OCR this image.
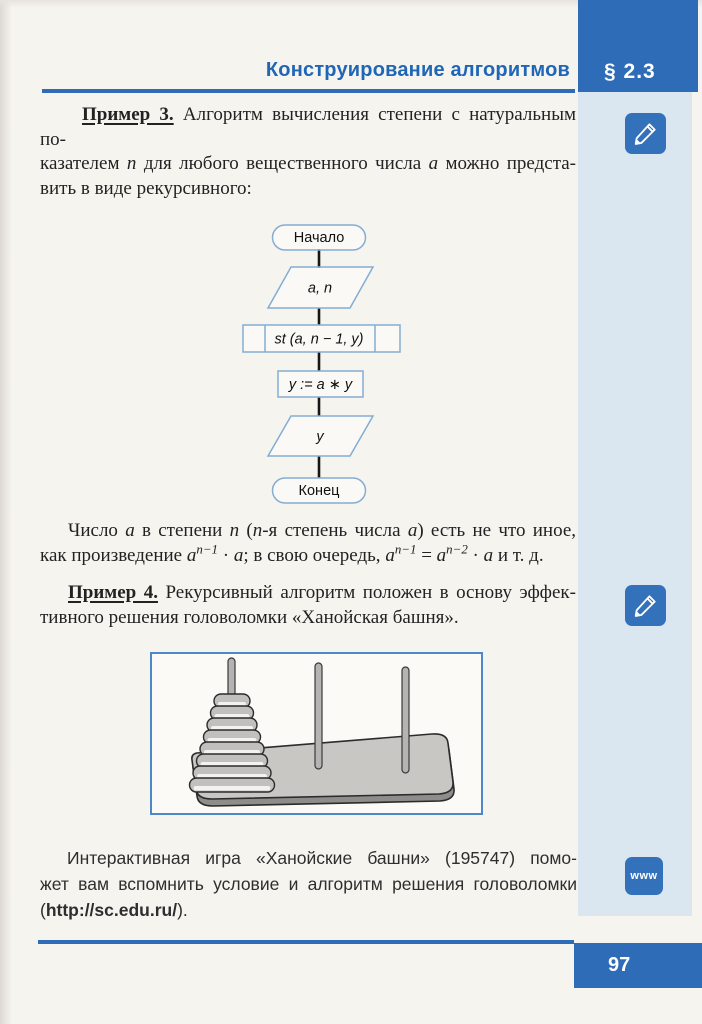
§ 2.3
Конструирование алгоритмов
www
Пример 3. Алгоритм вычисления степени с натуральным по-
казателем n для любого вещественного числа a можно предста-
вить в виде рекурсивного:
Начало
a, n
st (a, n − 1, y)
y := a ∗ y
y
Конец
Число a в степени n (n-я степень числа a) есть не что иное,
как произведение $a^{n-1} \cdot a$; в свою очередь, $a^{n-1} = a^{n-2} \cdot a$ и т. д.
Пример 4. Рекурсивный алгоритм положен в основу эффек-
тивного решения головоломки «Ханойская башня».
Интерактивная игра «Ханойские башни» (195747) помо-
жет вам вспомнить условие и алгоритм решения головоломки
(http://sc.edu.ru/).
97
